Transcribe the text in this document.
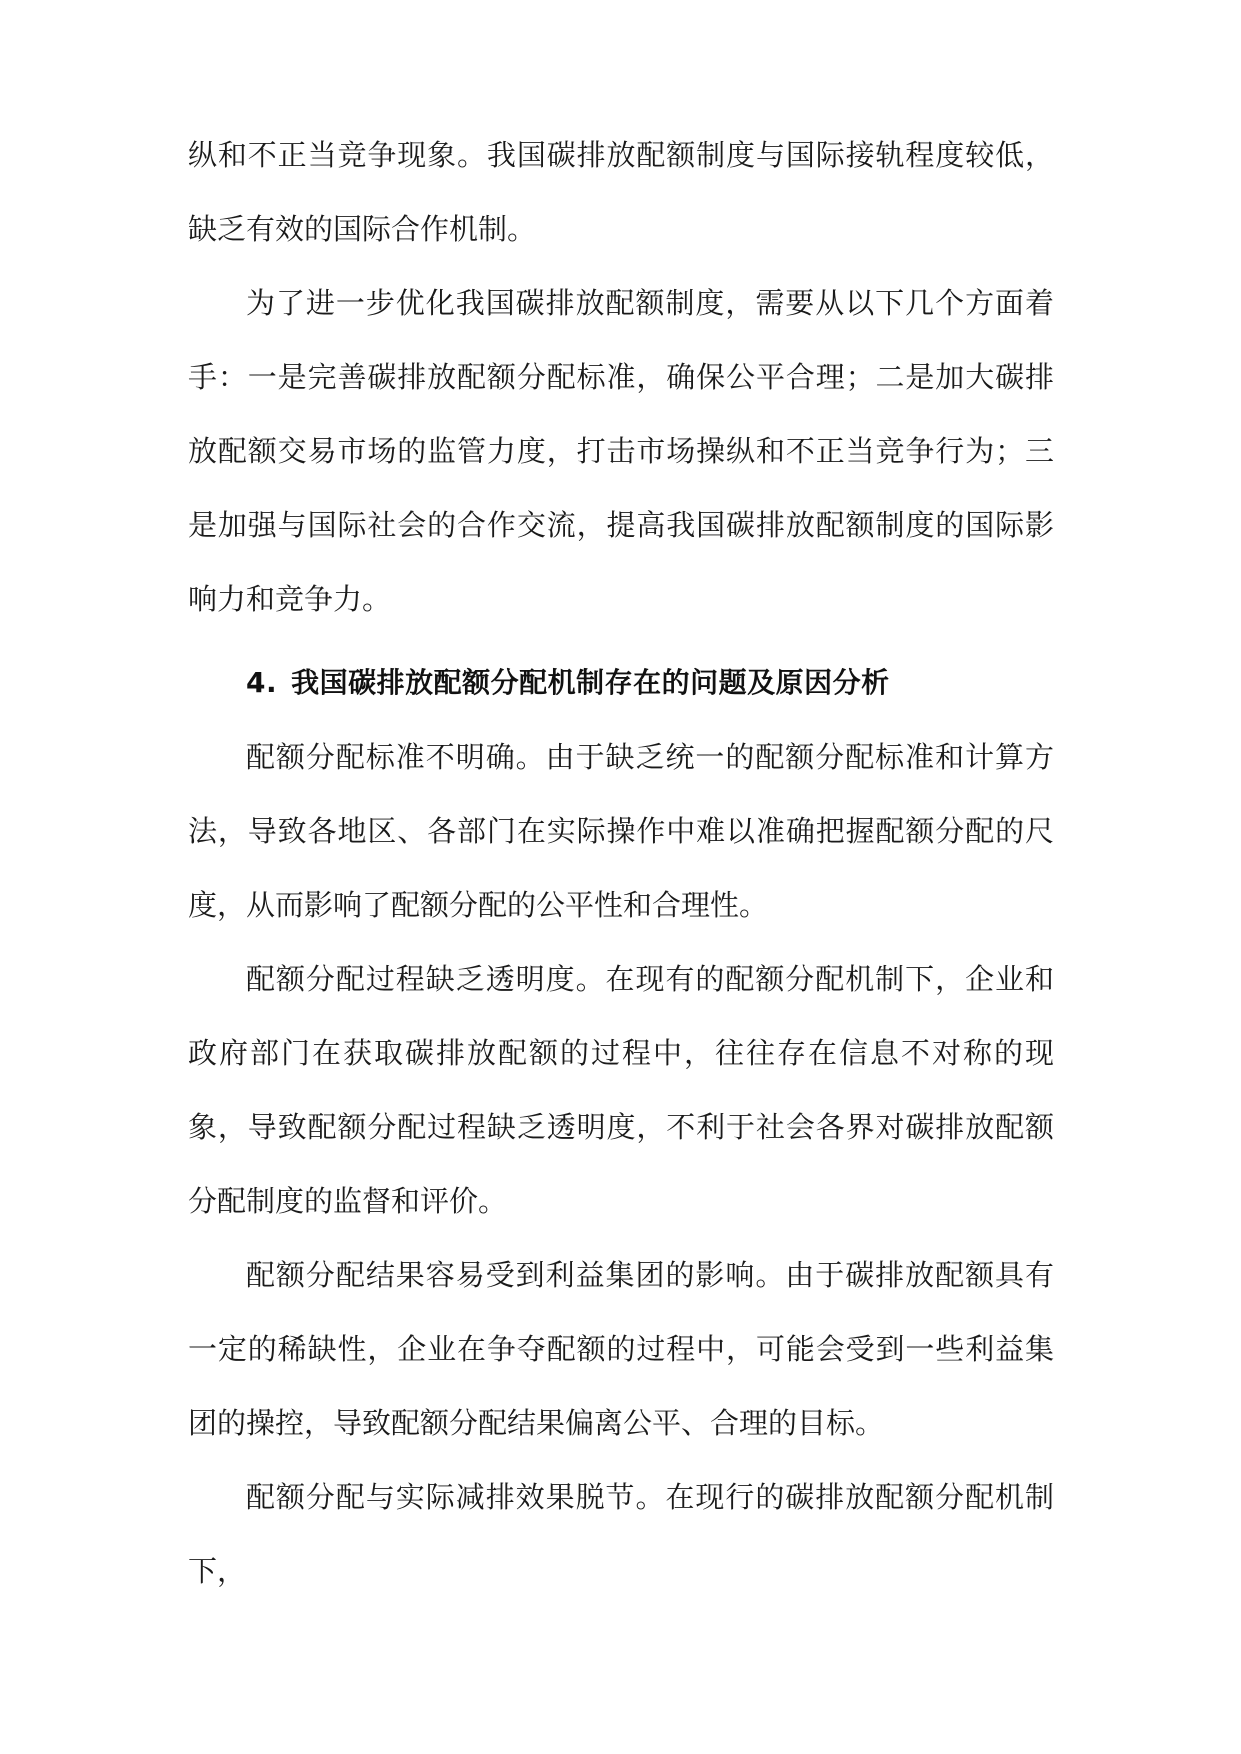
纵和不正当竞争现象。我国碳排放配额制度与国际接轨程度较低，缺乏有效的国际合作机制。

为了进一步优化我国碳排放配额制度，需要从以下几个方面着手：一是完善碳排放配额分配标准，确保公平合理；二是加大碳排放配额交易市场的监管力度，打击市场操纵和不正当竞争行为；三是加强与国际社会的合作交流，提高我国碳排放配额制度的国际影响力和竞争力。

4. 我国碳排放配额分配机制存在的问题及原因分析

配额分配标准不明确。由于缺乏统一的配额分配标准和计算方法，导致各地区、各部门在实际操作中难以准确把握配额分配的尺度，从而影响了配额分配的公平性和合理性。

配额分配过程缺乏透明度。在现有的配额分配机制下，企业和政府部门在获取碳排放配额的过程中，往往存在信息不对称的现象，导致配额分配过程缺乏透明度，不利于社会各界对碳排放配额分配制度的监督和评价。

配额分配结果容易受到利益集团的影响。由于碳排放配额具有一定的稀缺性，企业在争夺配额的过程中，可能会受到一些利益集团的操控，导致配额分配结果偏离公平、合理的目标。

配额分配与实际减排效果脱节。在现行的碳排放配额分配机制下，
